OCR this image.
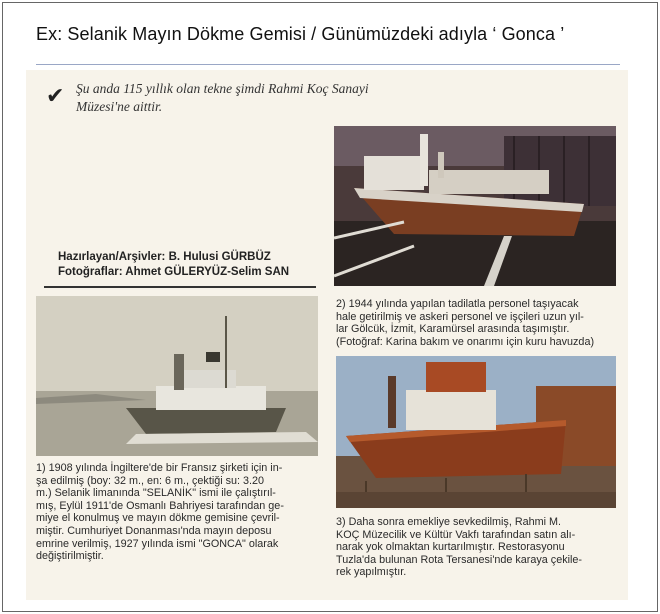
Ex: Selanik Mayın Dökme Gemisi / Günümüzdeki adıyla ‘ Gonca ’
✔ Şu anda 115 yıllık olan tekne şimdi Rahmi Koç Sanayi
Müzesi'ne aittir.
Hazırlayan/Arşivler: B. Hulusi GÜRBÜZ
Fotoğraflar: Ahmet GÜLERYÜZ-Selim SAN
1) 1908 yılında İngiltere'de bir Fransız şirketi için in-
şa edilmiş (boy: 32 m., en: 6 m., çektiği su: 3.20
m.) Selanik limanında "SELANİK" ismi ile çalıştırıl-
mış, Eylül 1911'de Osmanlı Bahriyesi tarafından ge-
miye el konulmuş ve mayın dökme gemisine çevril-
miştir. Cumhuriyet Donanması'nda mayın deposu
emrine verilmiş, 1927 yılında ismi "GONCA" olarak
değiştirilmiştir.
2) 1944 yılında yapılan tadilatla personel taşıyacak
hale getirilmiş ve askeri personel ve işçileri uzun yıl-
lar Gölcük, İzmit, Karamürsel arasında taşımıştır.
(Fotoğraf: Karina bakım ve onarımı için kuru havuzda)
3) Daha sonra emekliye sevkedilmiş, Rahmi M.
KOÇ Müzecilik ve Kültür Vakfı tarafından satın alı-
narak yok olmaktan kurtarılmıştır. Restorasyonu
Tuzla'da bulunan Rota Tersanesi'nde karaya çekile-
rek yapılmıştır.
